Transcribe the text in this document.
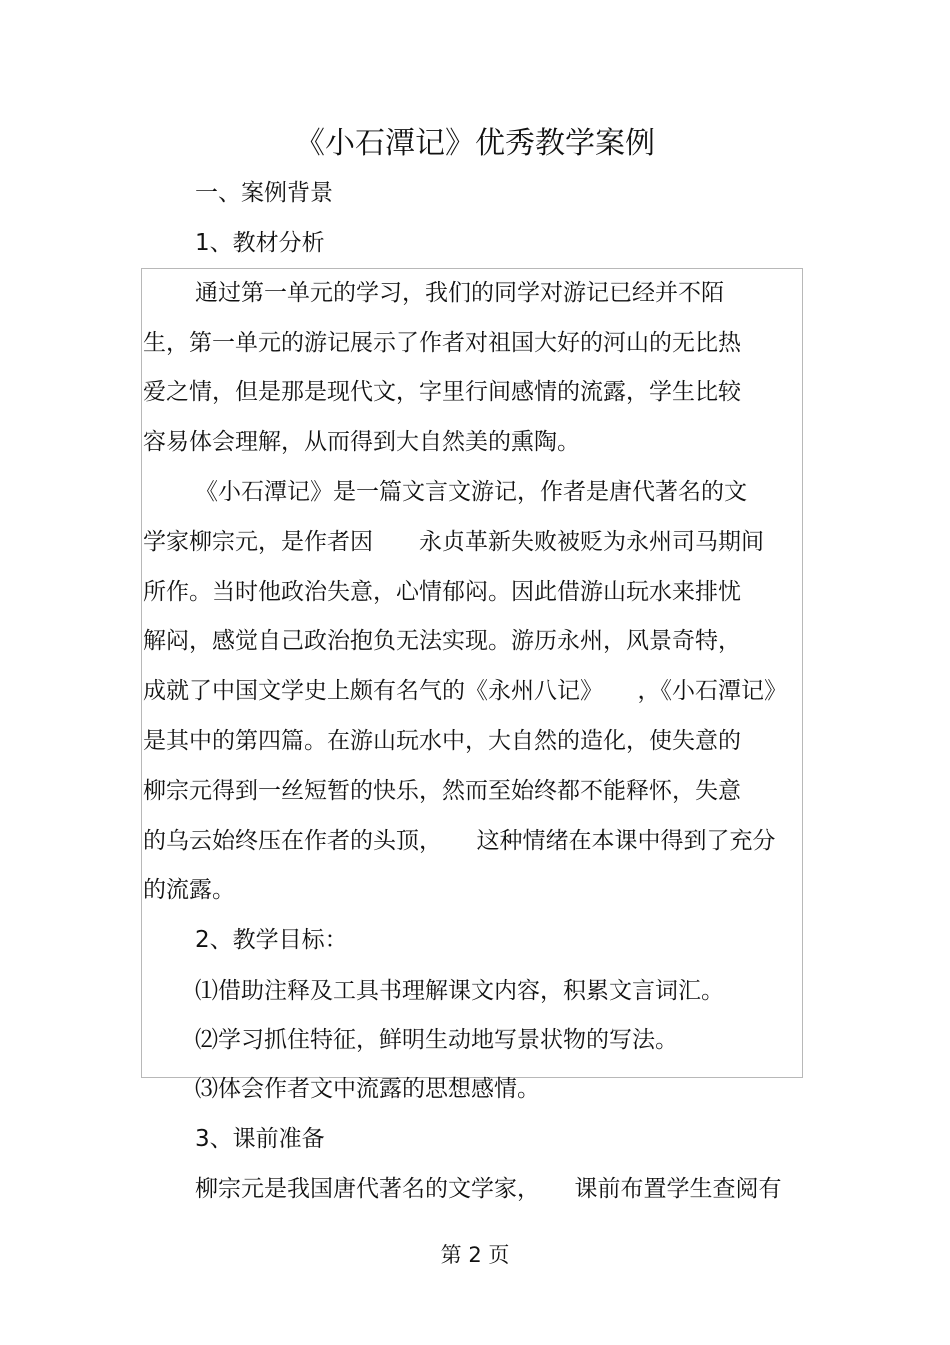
《小石潭记》优秀教学案例
一、案例背景
1、教材分析
通过第一单元的学习，我们的同学对游记已经并不陌
生，第一单元的游记展示了作者对祖国大好的河山的无比热
爱之情，但是那是现代文，字里行间感情的流露，学生比较
容易体会理解，从而得到大自然美的熏陶。
《小石潭记》是一篇文言文游记，作者是唐代著名的文
学家柳宗元，是作者因　　永贞革新失败被贬为永州司马期间
所作。当时他政治失意，心情郁闷。因此借游山玩水来排忧
解闷，感觉自己政治抱负无法实现。游历永州，风景奇特，
成就了中国文学史上颇有名气的《永州八记》　　，《小石潭记》
是其中的第四篇。在游山玩水中，大自然的造化，使失意的
柳宗元得到一丝短暂的快乐，然而至始终都不能释怀，失意
的乌云始终压在作者的头顶，　　这种情绪在本课中得到了充分
的流露。
2、教学目标：
⑴借助注释及工具书理解课文内容，积累文言词汇。
⑵学习抓住特征，鲜明生动地写景状物的写法。
⑶体会作者文中流露的思想感情。
3、课前准备
柳宗元是我国唐代著名的文学家，　　课前布置学生查阅有
第 2 页
